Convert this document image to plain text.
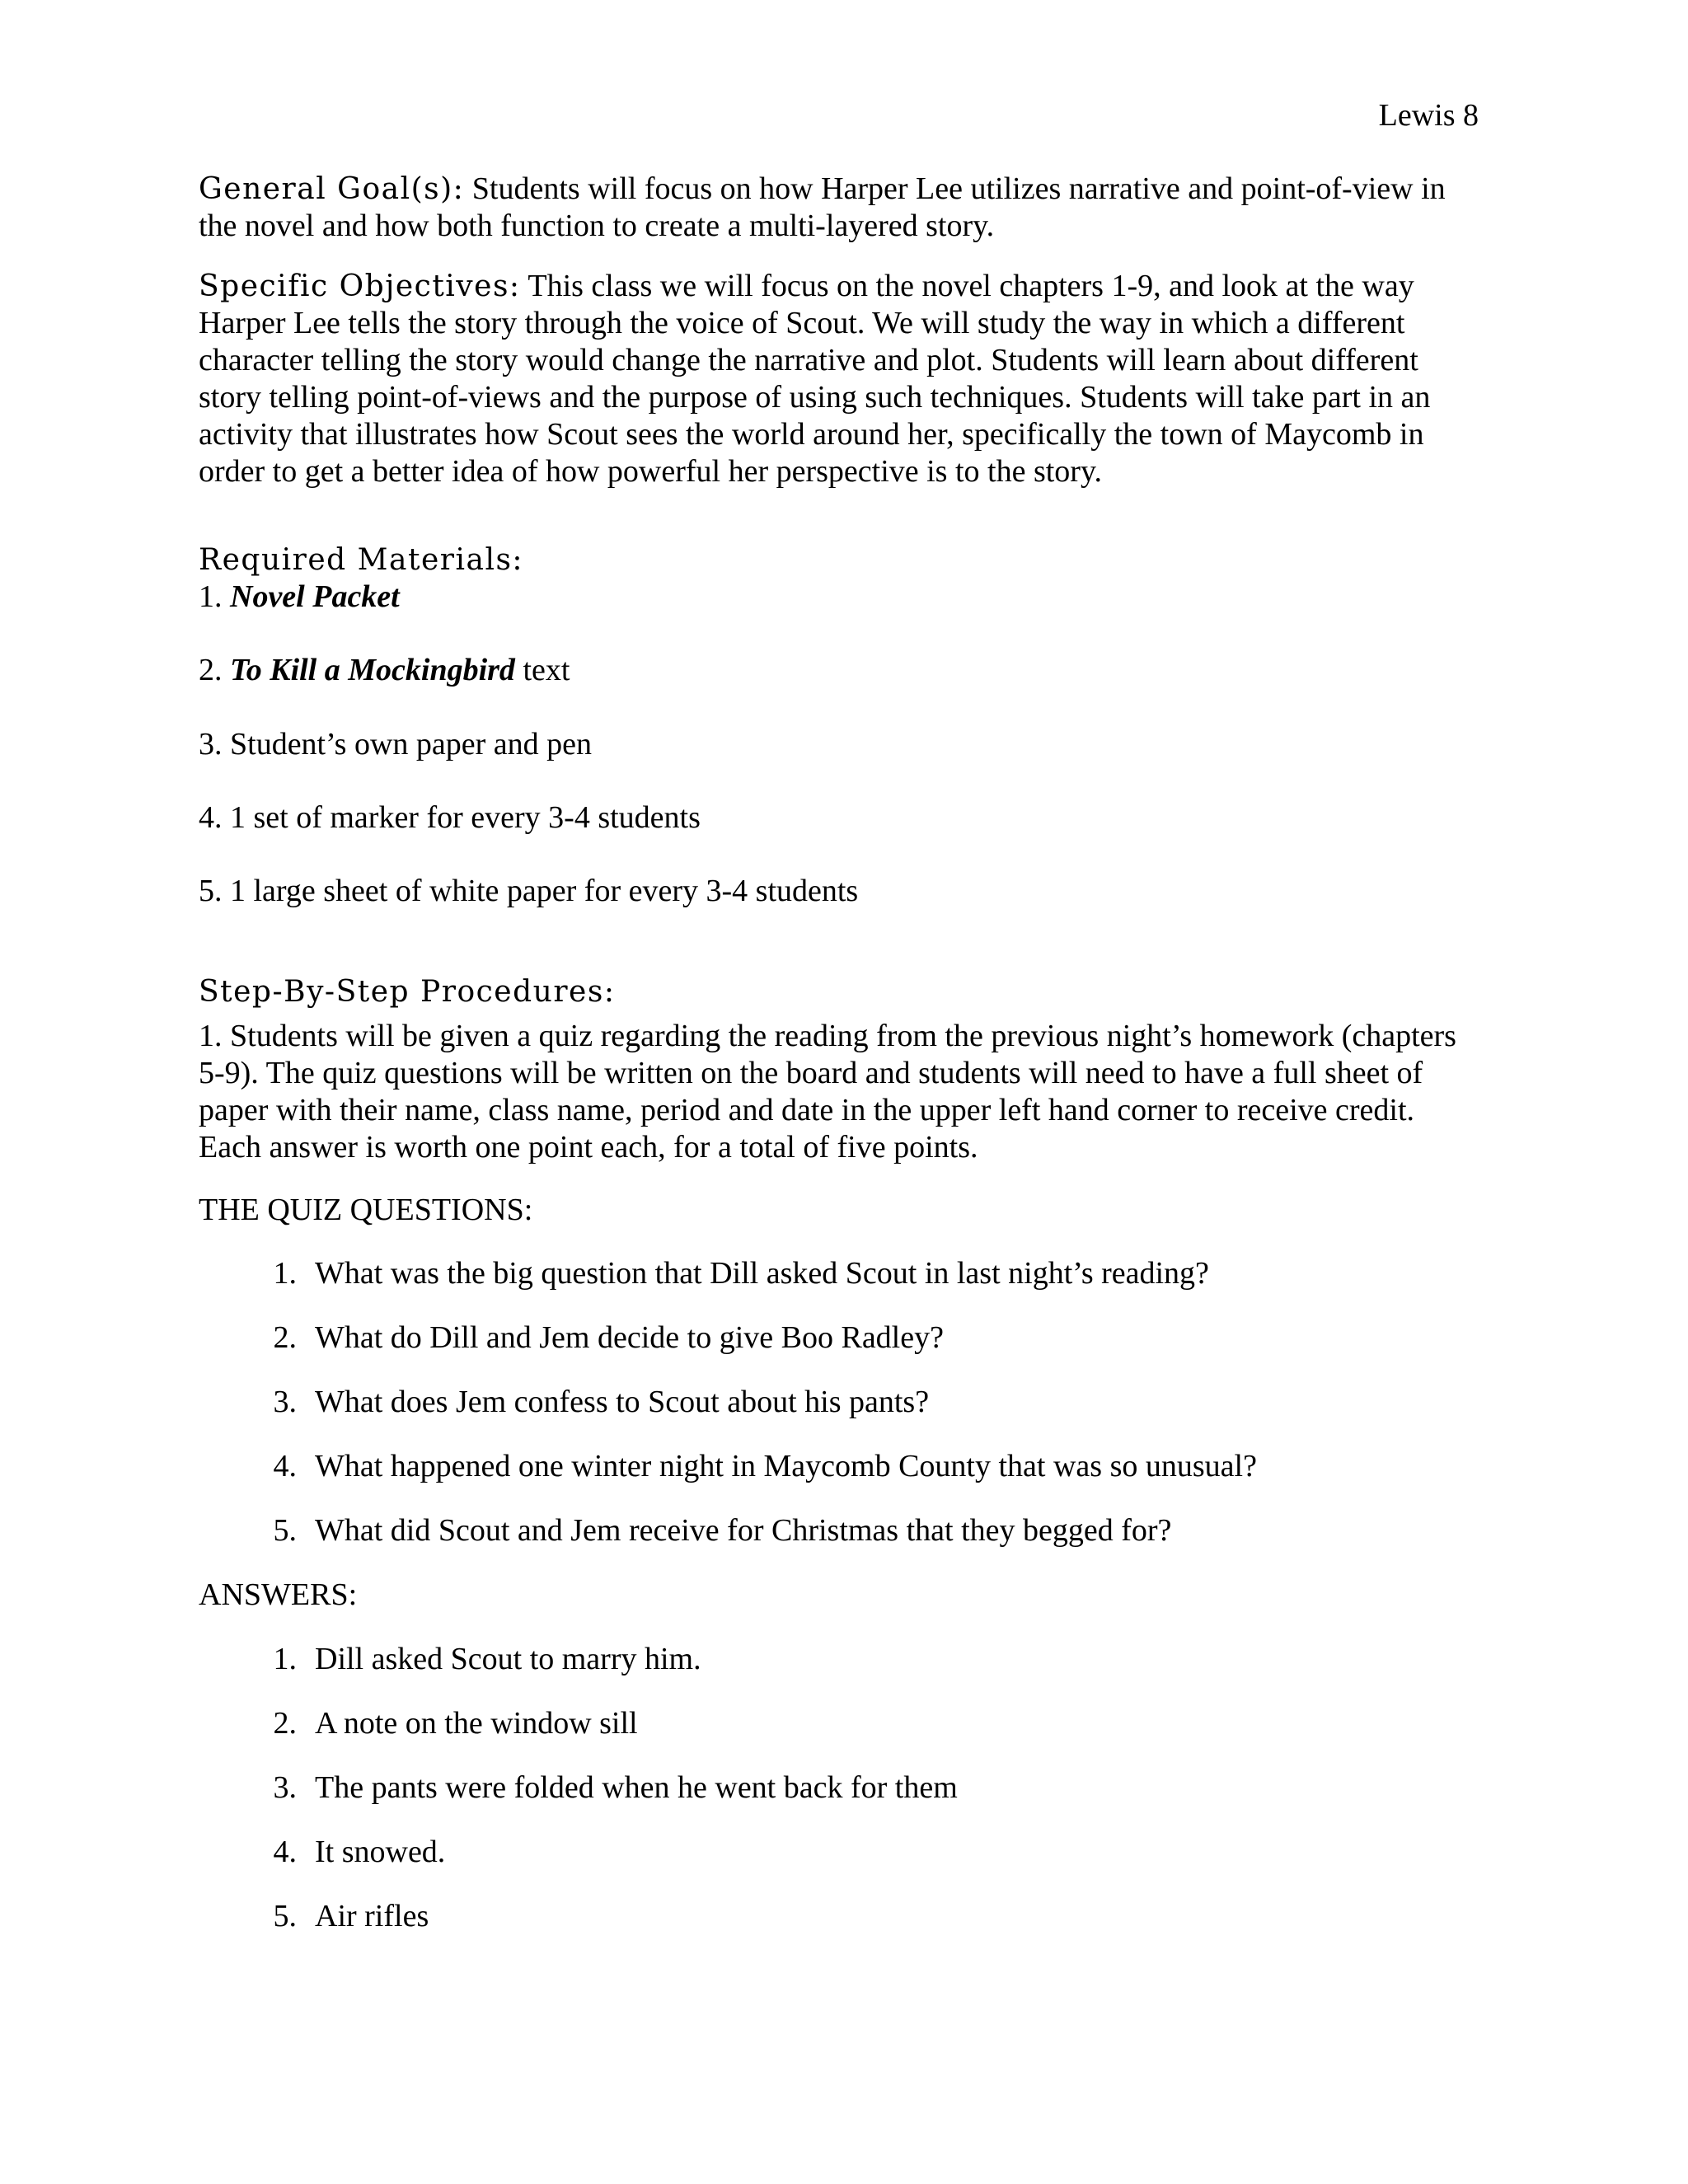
Lewis 8

General Goal(s): Students will focus on how Harper Lee utilizes narrative and point-of-view in the novel and how both function to create a multi-layered story.

Specific Objectives: This class we will focus on the novel chapters 1-9, and look at the way Harper Lee tells the story through the voice of Scout. We will study the way in which a different character telling the story would change the narrative and plot. Students will learn about different story telling point-of-views and the purpose of using such techniques. Students will take part in an activity that illustrates how Scout sees the world around her, specifically the town of Maycomb in order to get a better idea of how powerful her perspective is to the story.

Required Materials:

1. Novel Packet

2. To Kill a Mockingbird text

3. Student’s own paper and pen

4. 1 set of marker for every 3-4 students

5. 1 large sheet of white paper for every 3-4 students

Step-By-Step Procedures:

1. Students will be given a quiz regarding the reading from the previous night’s homework (chapters 5-9). The quiz questions will be written on the board and students will need to have a full sheet of paper with their name, class name, period and date in the upper left hand corner to receive credit. Each answer is worth one point each, for a total of five points.

THE QUIZ QUESTIONS:

1. What was the big question that Dill asked Scout in last night’s reading?
2. What do Dill and Jem decide to give Boo Radley?
3. What does Jem confess to Scout about his pants?
4. What happened one winter night in Maycomb County that was so unusual?
5. What did Scout and Jem receive for Christmas that they begged for?

ANSWERS:

1. Dill asked Scout to marry him.
2. A note on the window sill
3. The pants were folded when he went back for them
4. It snowed.
5. Air rifles
